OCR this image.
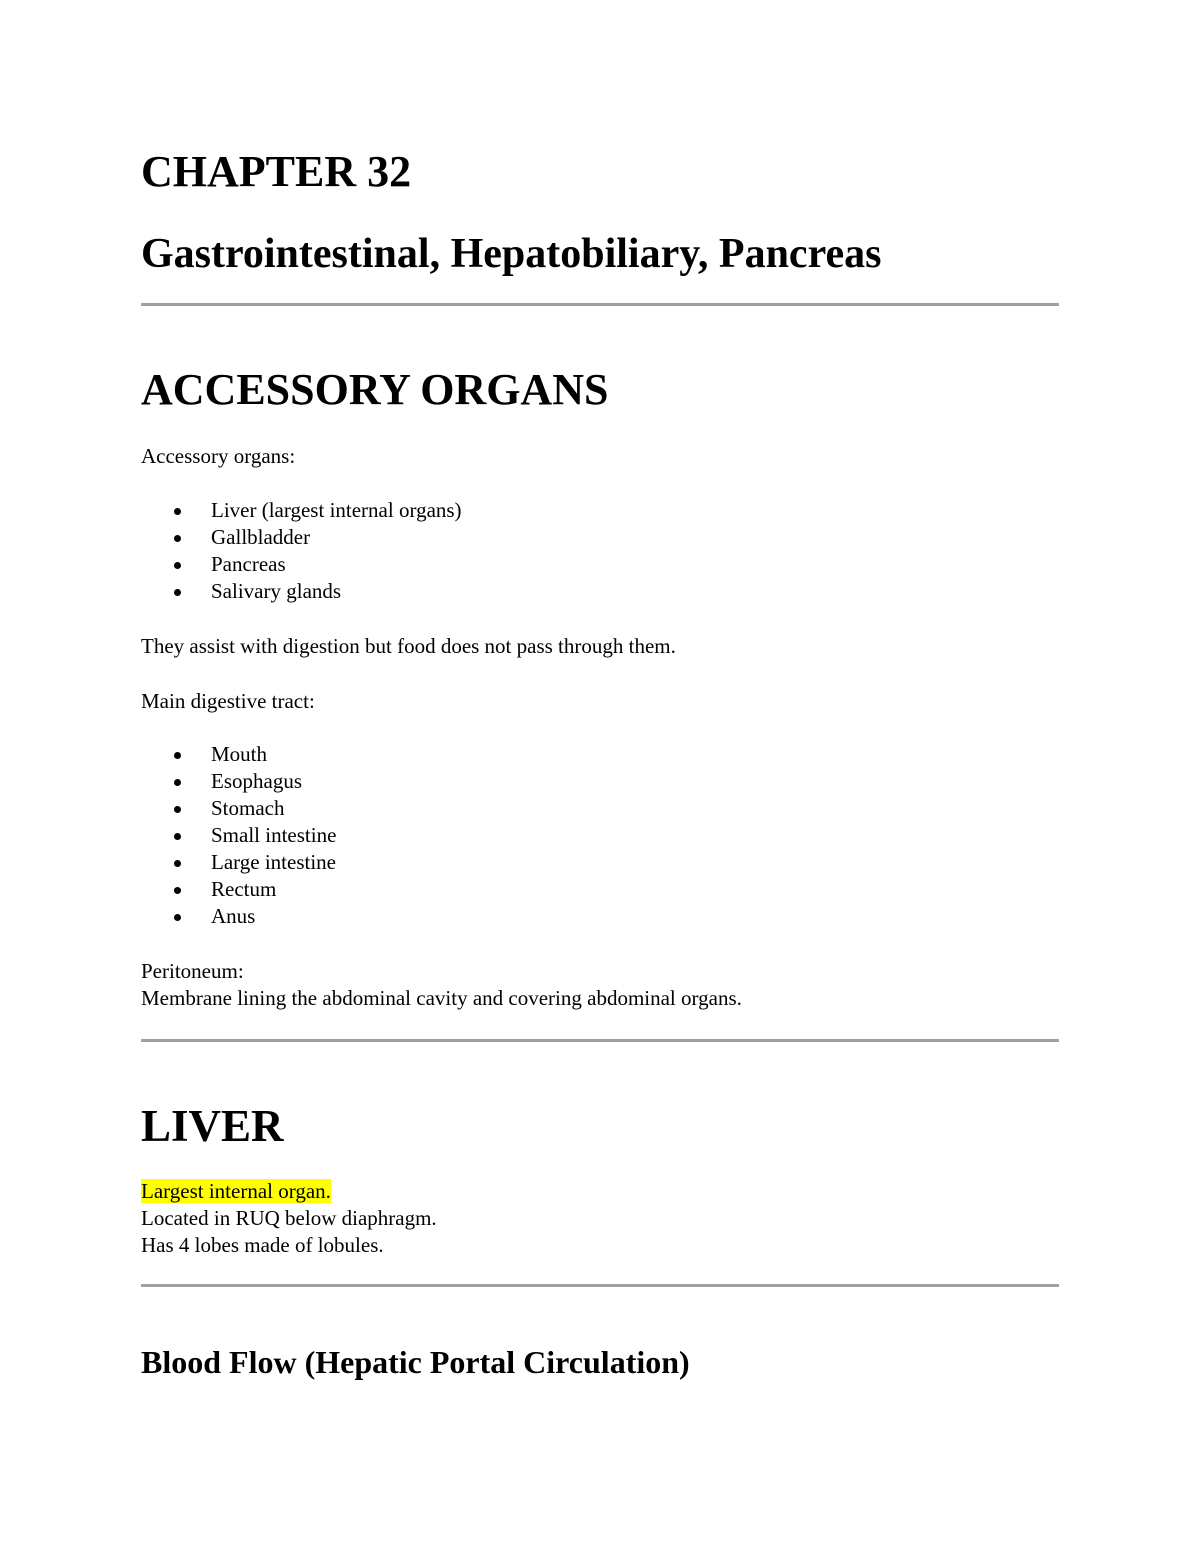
CHAPTER 32
Gastrointestinal, Hepatobiliary, Pancreas
ACCESSORY ORGANS

Accessory organs:

Liver (largest internal organs)
Gallbladder
Pancreas
Salivary glands

They assist with digestion but food does not pass through them.

Main digestive tract:

Mouth
Esophagus
Stomach
Small intestine
Large intestine
Rectum
Anus

Peritoneum:

Membrane lining the abdominal cavity and covering abdominal organs.

LIVER

Largest internal organ.

Located in RUQ below diaphragm.

Has 4 lobes made of lobules.

Blood Flow (Hepatic Portal Circulation)
